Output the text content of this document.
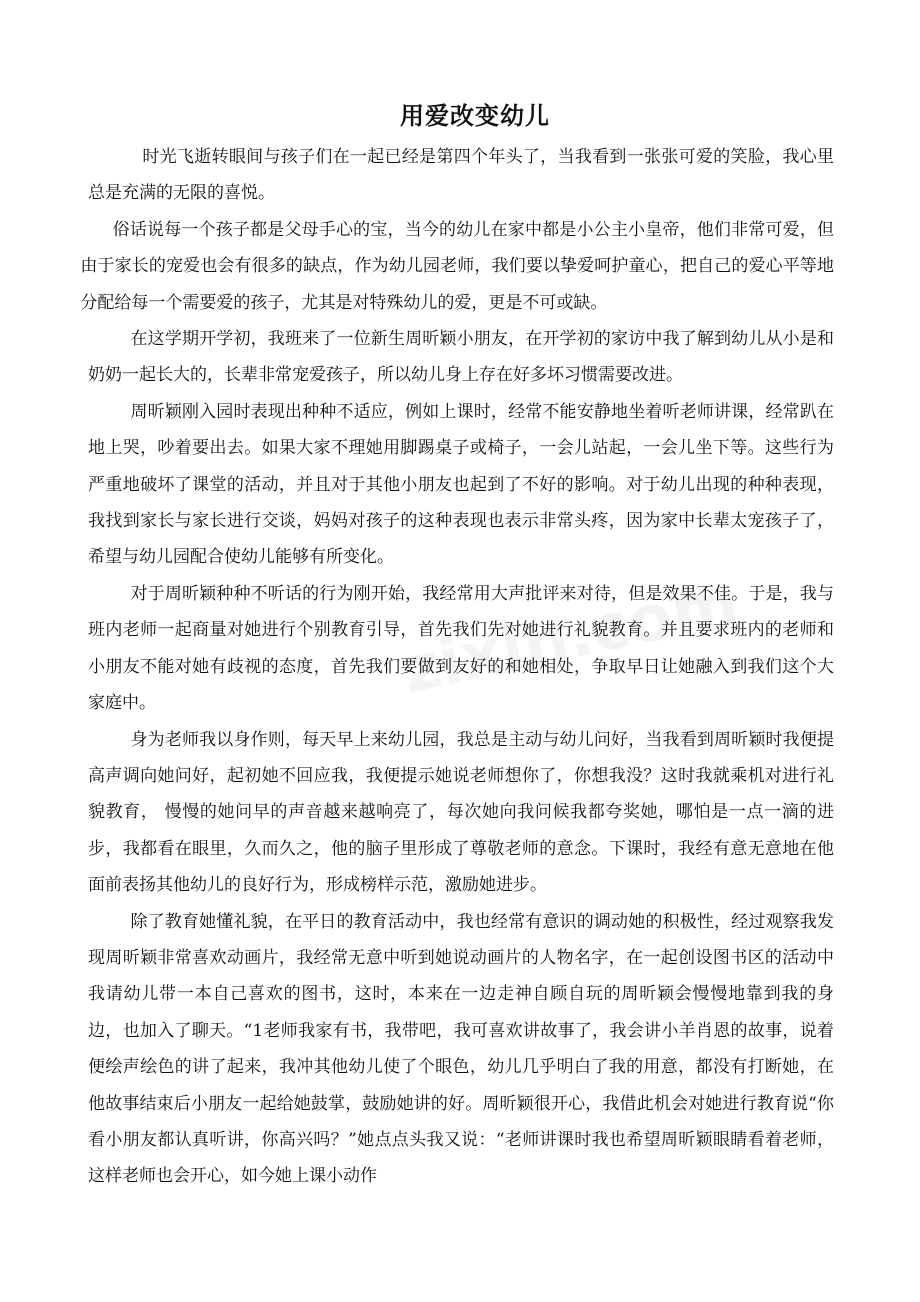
用爱改变幼儿

时光飞逝转眼间与孩子们在一起已经是第四个年头了，当我看到一张张可爱的笑脸，我心里总是充满的无限的喜悦。

俗话说每一个孩子都是父母手心的宝，当今的幼儿在家中都是小公主小皇帝，他们非常可爱，但由于家长的宠爱也会有很多的缺点，作为幼儿园老师，我们要以挚爱呵护童心，把自己的爱心平等地分配给每一个需要爱的孩子，尤其是对特殊幼儿的爱，更是不可或缺。

在这学期开学初，我班来了一位新生周昕颖小朋友，在开学初的家访中我了解到幼儿从小是和奶奶一起长大的，长辈非常宠爱孩子，所以幼儿身上存在好多坏习惯需要改进。

周昕颖刚入园时表现出种种不适应，例如上课时，经常不能安静地坐着听老师讲课，经常趴在地上哭，吵着要出去。如果大家不理她用脚踢桌子或椅子，一会儿站起，一会儿坐下等。这些行为严重地破坏了课堂的活动，并且对于其他小朋友也起到了不好的影响。对于幼儿出现的种种表现，我找到家长与家长进行交谈，妈妈对孩子的这种表现也表示非常头疼，因为家中长辈太宠孩子了，希望与幼儿园配合使幼儿能够有所变化。

对于周昕颖种种不听话的行为刚开始，我经常用大声批评来对待，但是效果不佳。于是，我与班内老师一起商量对她进行个别教育引导，首先我们先对她进行礼貌教育。并且要求班内的老师和小朋友不能对她有歧视的态度，首先我们要做到友好的和她相处，争取早日让她融入到我们这个大家庭中。

身为老师我以身作则，每天早上来幼儿园，我总是主动与幼儿问好，当我看到周昕颖时我便提高声调向她问好，起初她不回应我，我便提示她说老师想你了，你想我没？这时我就乘机对进行礼貌教育， 慢慢的她问早的声音越来越响亮了，每次她向我问候我都夸奖她，哪怕是一点一滴的进步，我都看在眼里，久而久之，他的脑子里形成了尊敬老师的意念。下课时，我经有意无意地在他面前表扬其他幼儿的良好行为，形成榜样示范，激励她进步。

除了教育她懂礼貌，在平日的教育活动中，我也经常有意识的调动她的积极性，经过观察我发现周昕颖非常喜欢动画片，我经常无意中听到她说动画片的人物名字，在一起创设图书区的活动中我请幼儿带一本自己喜欢的图书，这时，本来在一边走神自顾自玩的周昕颖会慢慢地靠到我的身边，也加入了聊天。“1老师我家有书，我带吧，我可喜欢讲故事了，我会讲小羊肖恩的故事，说着便绘声绘色的讲了起来，我冲其他幼儿使了个眼色，幼儿几乎明白了我的用意，都没有打断她，在他故事结束后小朋友一起给她鼓掌，鼓励她讲的好。周昕颖很开心，我借此机会对她进行教育说“你看小朋友都认真听讲，你高兴吗？”她点点头我又说：“老师讲课时我也希望周昕颖眼睛看着老师，这样老师也会开心，如今她上课小动作
